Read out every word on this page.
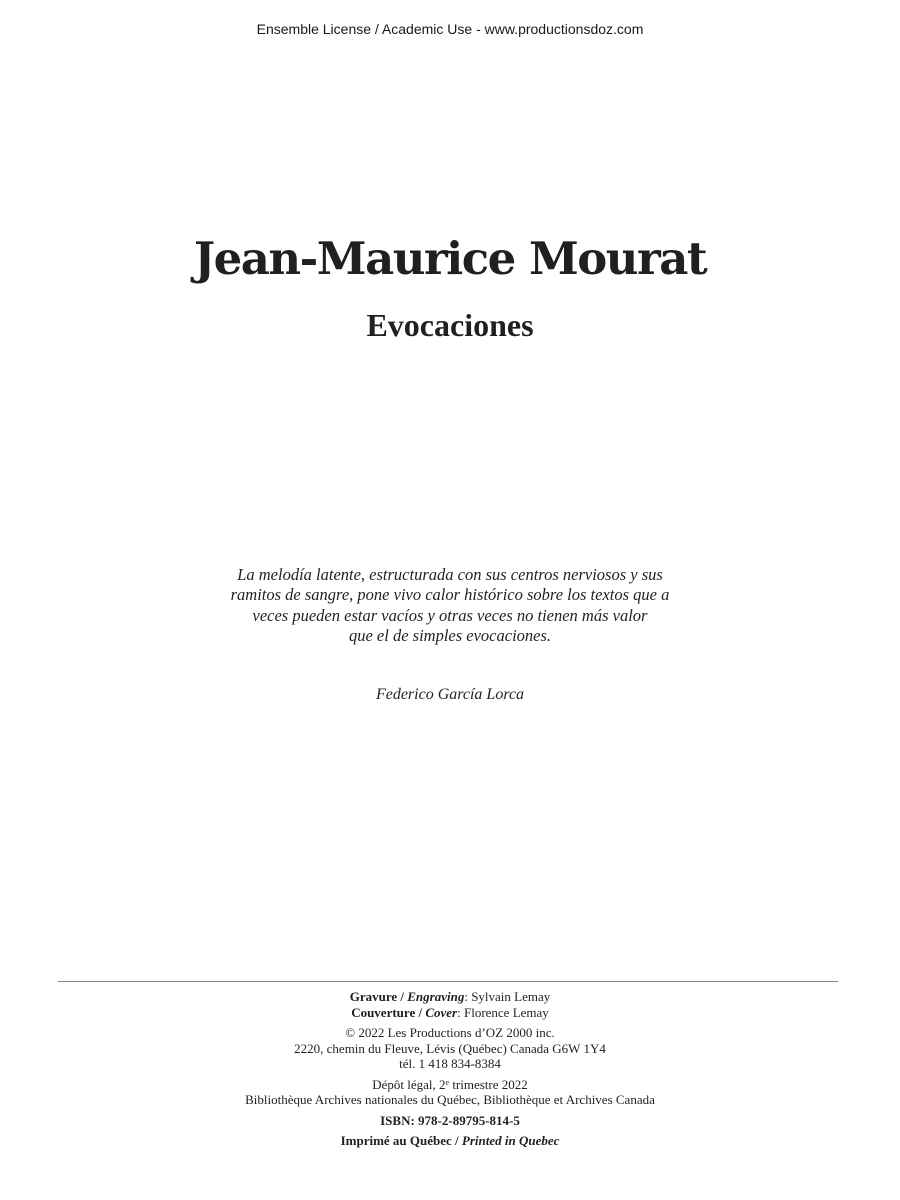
Ensemble License / Academic Use - www.productionsdoz.com
Jean-Maurice Mourat
Evocaciones
La melodía latente, estructurada con sus centros nerviosos y sus
ramitos de sangre, pone vivo calor histórico sobre los textos que a
veces pueden estar vacíos y otras veces no tienen más valor
que el de simples evocaciones.
Federico García Lorca
Gravure / Engraving: Sylvain Lemay
Couverture / Cover: Florence Lemay
© 2022 Les Productions d’OZ 2000 inc.
2220, chemin du Fleuve, Lévis (Québec) Canada G6W 1Y4
tél. 1 418 834-8384
Dépôt légal, 2e trimestre 2022
Bibliothèque Archives nationales du Québec, Bibliothèque et Archives Canada
ISBN: 978-2-89795-814-5
Imprimé au Québec / Printed in Quebec
